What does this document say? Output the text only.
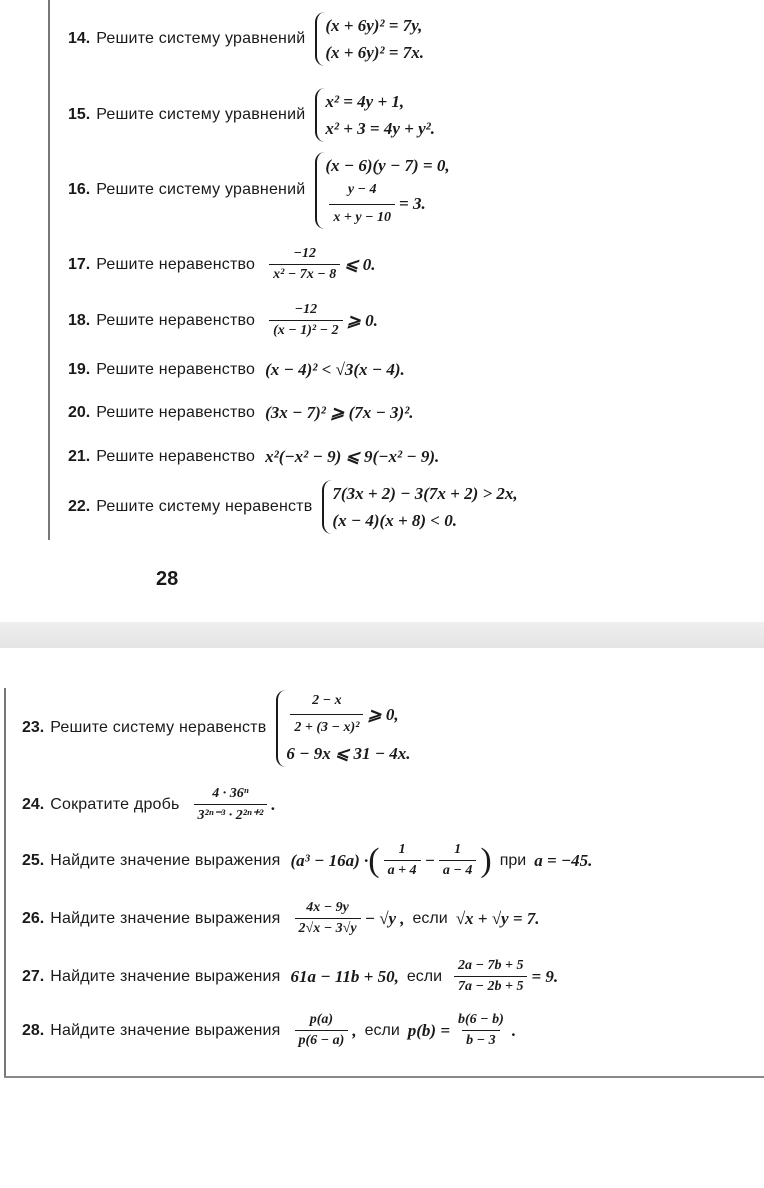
14. Решите систему уравнений
(x + 6y)² = 7y,
(x + 6y)² = 7x.
15. Решите систему уравнений
x² = 4y + 1,
x² + 3 = 4y + y².
16. Решите систему уравнений
(x − 6)(y − 7) = 0,
$\frac{y - 4}{x + y - 10} = 3$.
17. Решите неравенство $\frac{-12}{\text{x² − 7x − 8}}$ ⩽ 0.
18. Решите неравенство $\frac{-12}{\text{(x − 1)² − 2}}$ ⩾ 0.
19. Решите неравенство (x − 4)² < √3(x − 4).
20. Решите неравенство (3x − 7)² ⩾ (7x − 3)².
21. Решите неравенство x²(−x² − 9) ⩽ 9(−x² − 9).
22. Решите систему неравенств
7(3x + 2) − 3(7x + 2) > 2x,
(x − 4)(x + 8) < 0.
28
23. Решите систему неравенств $\frac{2 - x}{\text{2 + (3 − x)²}}$ ⩾ 0,
6 − 9x ⩽ 31 − 4x.
24. Сократите дробь $\frac{\text{4 · 36ⁿ}}{\text{3²ⁿ⁻³ · 2²ⁿ⁺²}}$ .
25. Найдите значение выражения (a³ − 16a) · ( $\frac{1}{a + 4} - \frac{1}{a - 4}$ ) при a = −45.
26. Найдите значение выражения $\frac{4x - 9y}{2√x - 3√y} - √y$ , если √x + √y = 7.
27. Найдите значение выражения 61a − 11b + 50, если $\frac{2a - 7b + 5}{7a - 2b + 5} = 9$.
28. Найдите значение выражения $\frac{p(a)}{p(6 - a)}$ , если $p(b) = \frac{b(6 - b)}{b - 3}$ .
